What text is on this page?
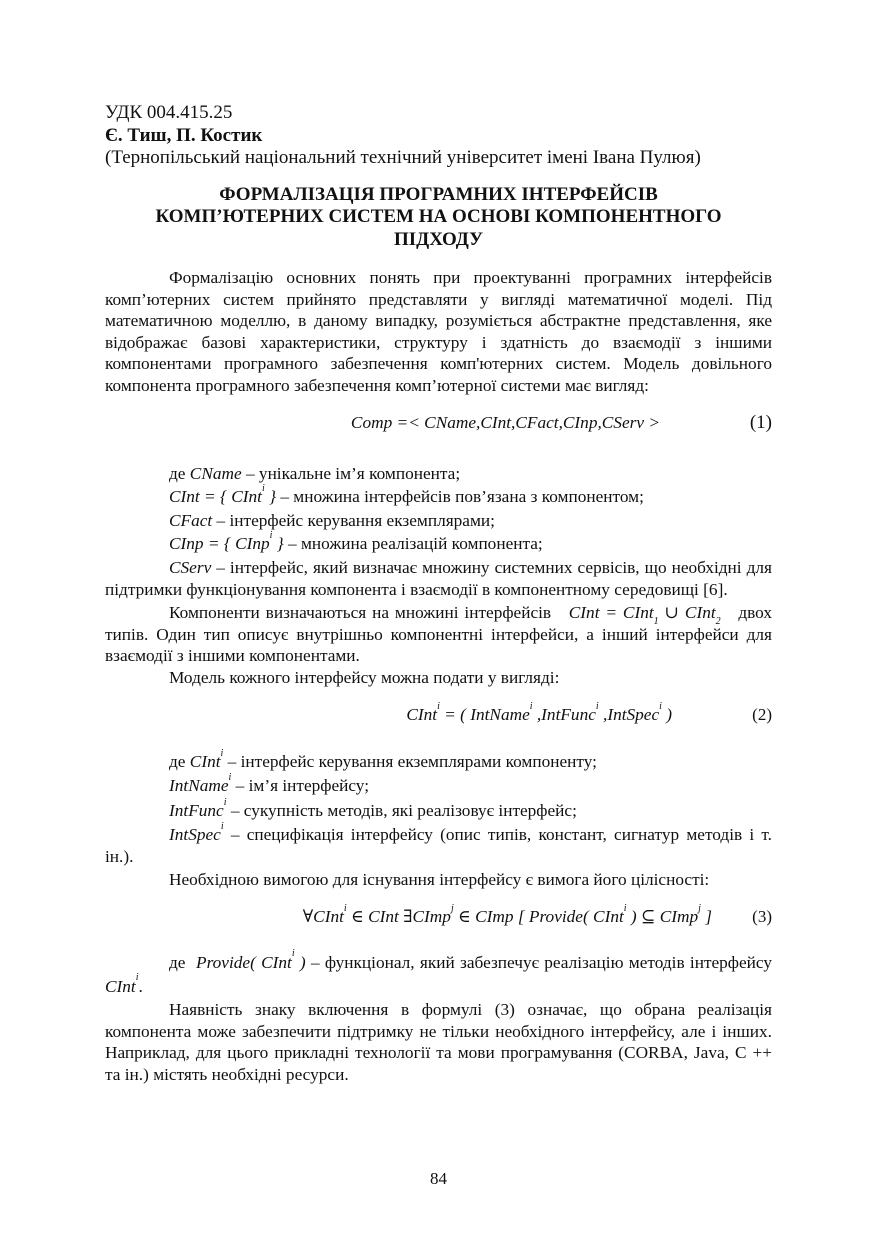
УДК 004.415.25

Є. Тиш, П. Костик

(Тернопільський національний технічний університет імені Івана Пулюя)

ФОРМАЛІЗАЦІЯ ПРОГРАМНИХ ІНТЕРФЕЙСІВ
КОМП’ЮТЕРНИХ СИСТЕМ НА ОСНОВІ КОМПОНЕНТНОГО
ПІДХОДУ

Формалізацію основних понять при проектуванні програмних інтерфейсів комп’ютерних систем прийнято представляти у вигляді математичної моделі. Під математичною моделлю, в даному випадку, розуміється абстрактне представлення, яке відображає базові характеристики, структуру і здатність до взаємодії з іншими компонентами програмного забезпечення комп'ютерних систем. Модель довільного компонента програмного забезпечення комп’ютерної системи має вигляд:

Comp =< CName,CInt,CFact,CInp,CServ >	(1)

де CName – унікальне ім’я компонента;

CInt = { CInt$^i$ } – множина інтерфейсів пов’язана з компонентом;

CFact – інтерфейс керування екземплярами;

CInp = { CInp$^i$ } – множина реалізацій компонента;

CServ – інтерфейс, який визначає множину системних сервісів, що необхідні для підтримки функціонування компонента і взаємодії в компонентному середовищі [6].

Компоненти визначаються на множині інтерфейсів CInt = CInt$_1$ ∪ CInt$_2$ двох типів. Один тип описує внутрішньо компонентні інтерфейси, а інший інтерфейси для взаємодії з іншими компонентами.

Модель кожного інтерфейсу можна подати у вигляді:

CInt$^i$ = ( IntName$^i$ ,IntFunc$^i$ ,IntSpec$^i$ )	(2)

де CInt$^i$ – інтерфейс керування екземплярами компоненту;

IntName$^i$ – ім’я інтерфейсу;

IntFunc$^i$ – сукупність методів, які реалізовує інтерфейс;

IntSpec$^i$ – специфікація інтерфейсу (опис типів, констант, сигнатур методів і т. ін.).

Необхідною вимогою для існування інтерфейсу є вимога його цілісності:

∀CInt$^i$ ∈ CInt ∃CImp$^j$ ∈ CImp [ Provide( CInt$^i$ ) ⊆ CImp$^j$ ] (3)

де Provide( CInt$^i$ ) – функціонал, який забезпечує реалізацію методів інтерфейсу CInt$^i$.

Наявність знаку включення в формулі (3) означає, що обрана реалізація компонента може забезпечити підтримку не тільки необхідного інтерфейсу, але і інших. Наприклад, для цього прикладні технології та мови програмування (CORBA, Java, C ++ та ін.) містять необхідні ресурси.

84
